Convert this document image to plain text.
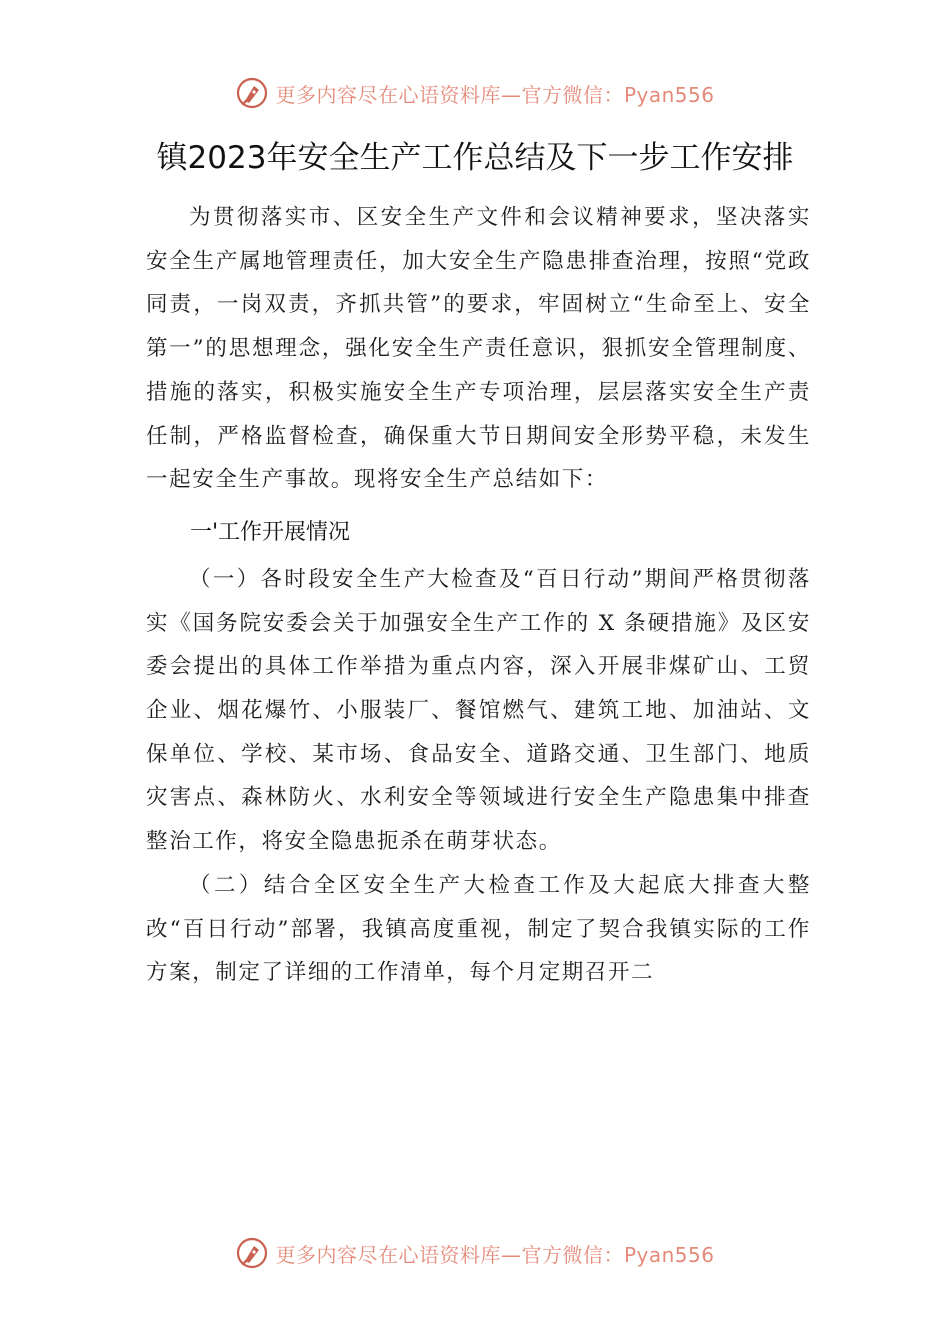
更多内容尽在心语资料库—官方微信：Pyan556
镇2023年安全生产工作总结及下一步工作安排

为贯彻落实市、区安全生产文件和会议精神要求，坚决落实安全生产属地管理责任，加大安全生产隐患排查治理，按照“党政同责，一岗双责，齐抓共管”的要求，牢固树立“生命至上、安全第一”的思想理念，强化安全生产责任意识，狠抓安全管理制度、措施的落实，积极实施安全生产专项治理，层层落实安全生产责任制，严格监督检查，确保重大节日期间安全形势平稳，未发生一起安全生产事故。现将安全生产总结如下：

一'工作开展情况

（一）各时段安全生产大检查及“百日行动”期间严格贯彻落实《国务院安委会关于加强安全生产工作的 X 条硬措施》及区安委会提出的具体工作举措为重点内容，深入开展非煤矿山、工贸企业、烟花爆竹、小服装厂、餐馆燃气、建筑工地、加油站、文保单位、学校、某市场、食品安全、道路交通、卫生部门、地质灾害点、森林防火、水利安全等领域进行安全生产隐患集中排查整治工作，将安全隐患扼杀在萌芽状态。

（二）结合全区安全生产大检查工作及大起底大排查大整改“百日行动”部署，我镇高度重视，制定了契合我镇实际的工作方案，制定了详细的工作清单，每个月定期召开二

更多内容尽在心语资料库—官方微信：Pyan556
